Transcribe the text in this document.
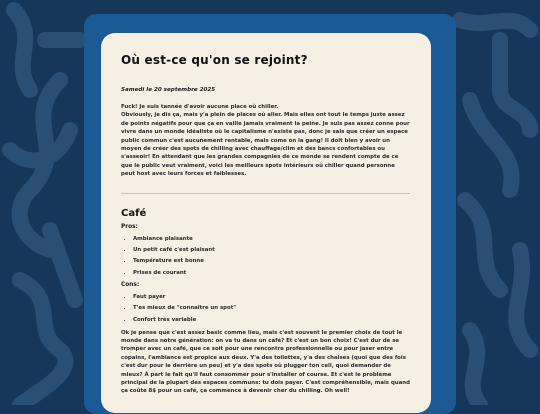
Où est-ce qu'on se rejoint?
Samedi le 20 septembre 2025

Fuck! Je suis tannée d'avoir aucune place où chiller.

Obviously, je dis ça, mais y'a plein de places où aller. Mais elles ont tout le temps juste assez de points négatifs pour que ça en vaille jamais vraiment la peine. Je suis pas assez conne pour vivre dans un monde idéaliste où le capitalisme n'existe pas, donc je sais que créer un espace public commun c'est aucunement rentable, mais come on la gang! Il doit bien y avoir un moyen de créer des spots de chilling avec chauffage/clim et des bancs confortables ou s'asseoir! En attendant que les grandes compagnies de ce monde se rendent compte de ce que le public veut vraiment, voici les meilleurs spots intérieurs où chiller quand personne peut host avec leurs forces et faiblesses.

Café
Pros:
• Ambiance plaisante
• Un petit café c'est plaisant
• Température est bonne
• Prises de courant
Cons:
• Faut payer
• T'es mieux de "connaître un spot"
• Confort très variable

Ok je pense que c'est assez basic comme lieu, mais c'est souvent le premier choix de tout le monde dans notre génération: on va tu dans un café? Et c'est un bon choix! C'est dur de se tromper avec un café, que ce soit pour une rencontre professionnelle ou pour jaser entre copains, l'ambiance est propice aux deux. Y'a des toilettes, y'a des chaises (quoi que des fois c'est dur pour le derrière un peu) et y'a des spots où plugger ton cell, quoi demander de mieux? À part le fait qu'il faut consommer pour s'installer of course. Et c'est le problème principal de la plupart des espaces communs: tu dois payer. C'est compréhensible, mais quand ça coûte 8$ pour un café, ça commence à devenir cher du chilling. Oh well!
